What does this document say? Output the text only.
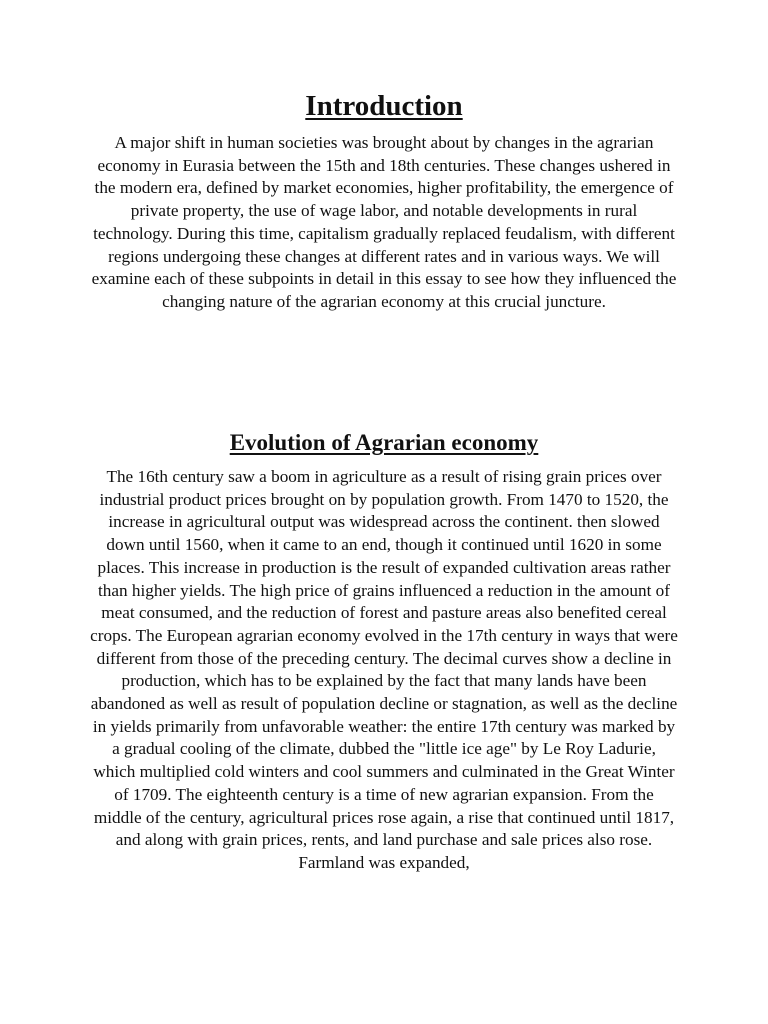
Introduction

A major shift in human societies was brought about by changes in the agrarian economy in Eurasia between the 15th and 18th centuries. These changes ushered in the modern era, defined by market economies, higher profitability, the emergence of private property, the use of wage labor, and notable developments in rural technology. During this time, capitalism gradually replaced feudalism, with different regions undergoing these changes at different rates and in various ways. We will examine each of these subpoints in detail in this essay to see how they influenced the changing nature of the agrarian economy at this crucial juncture.

Evolution of Agrarian economy

The 16th century saw a boom in agriculture as a result of rising grain prices over industrial product prices brought on by population growth. From 1470 to 1520, the increase in agricultural output was widespread across the continent. then slowed down until 1560, when it came to an end, though it continued until 1620 in some places. This increase in production is the result of expanded cultivation areas rather than higher yields. The high price of grains influenced a reduction in the amount of meat consumed, and the reduction of forest and pasture areas also benefited cereal crops. The European agrarian economy evolved in the 17th century in ways that were different from those of the preceding century. The decimal curves show a decline in production, which has to be explained by the fact that many lands have been abandoned as well as result of population decline or stagnation, as well as the decline in yields primarily from unfavorable weather: the entire 17th century was marked by a gradual cooling of the climate, dubbed the "little ice age" by Le Roy Ladurie, which multiplied cold winters and cool summers and culminated in the Great Winter of 1709. The eighteenth century is a time of new agrarian expansion. From the middle of the century, agricultural prices rose again, a rise that continued until 1817, and along with grain prices, rents, and land purchase and sale prices also rose. Farmland was expanded,
